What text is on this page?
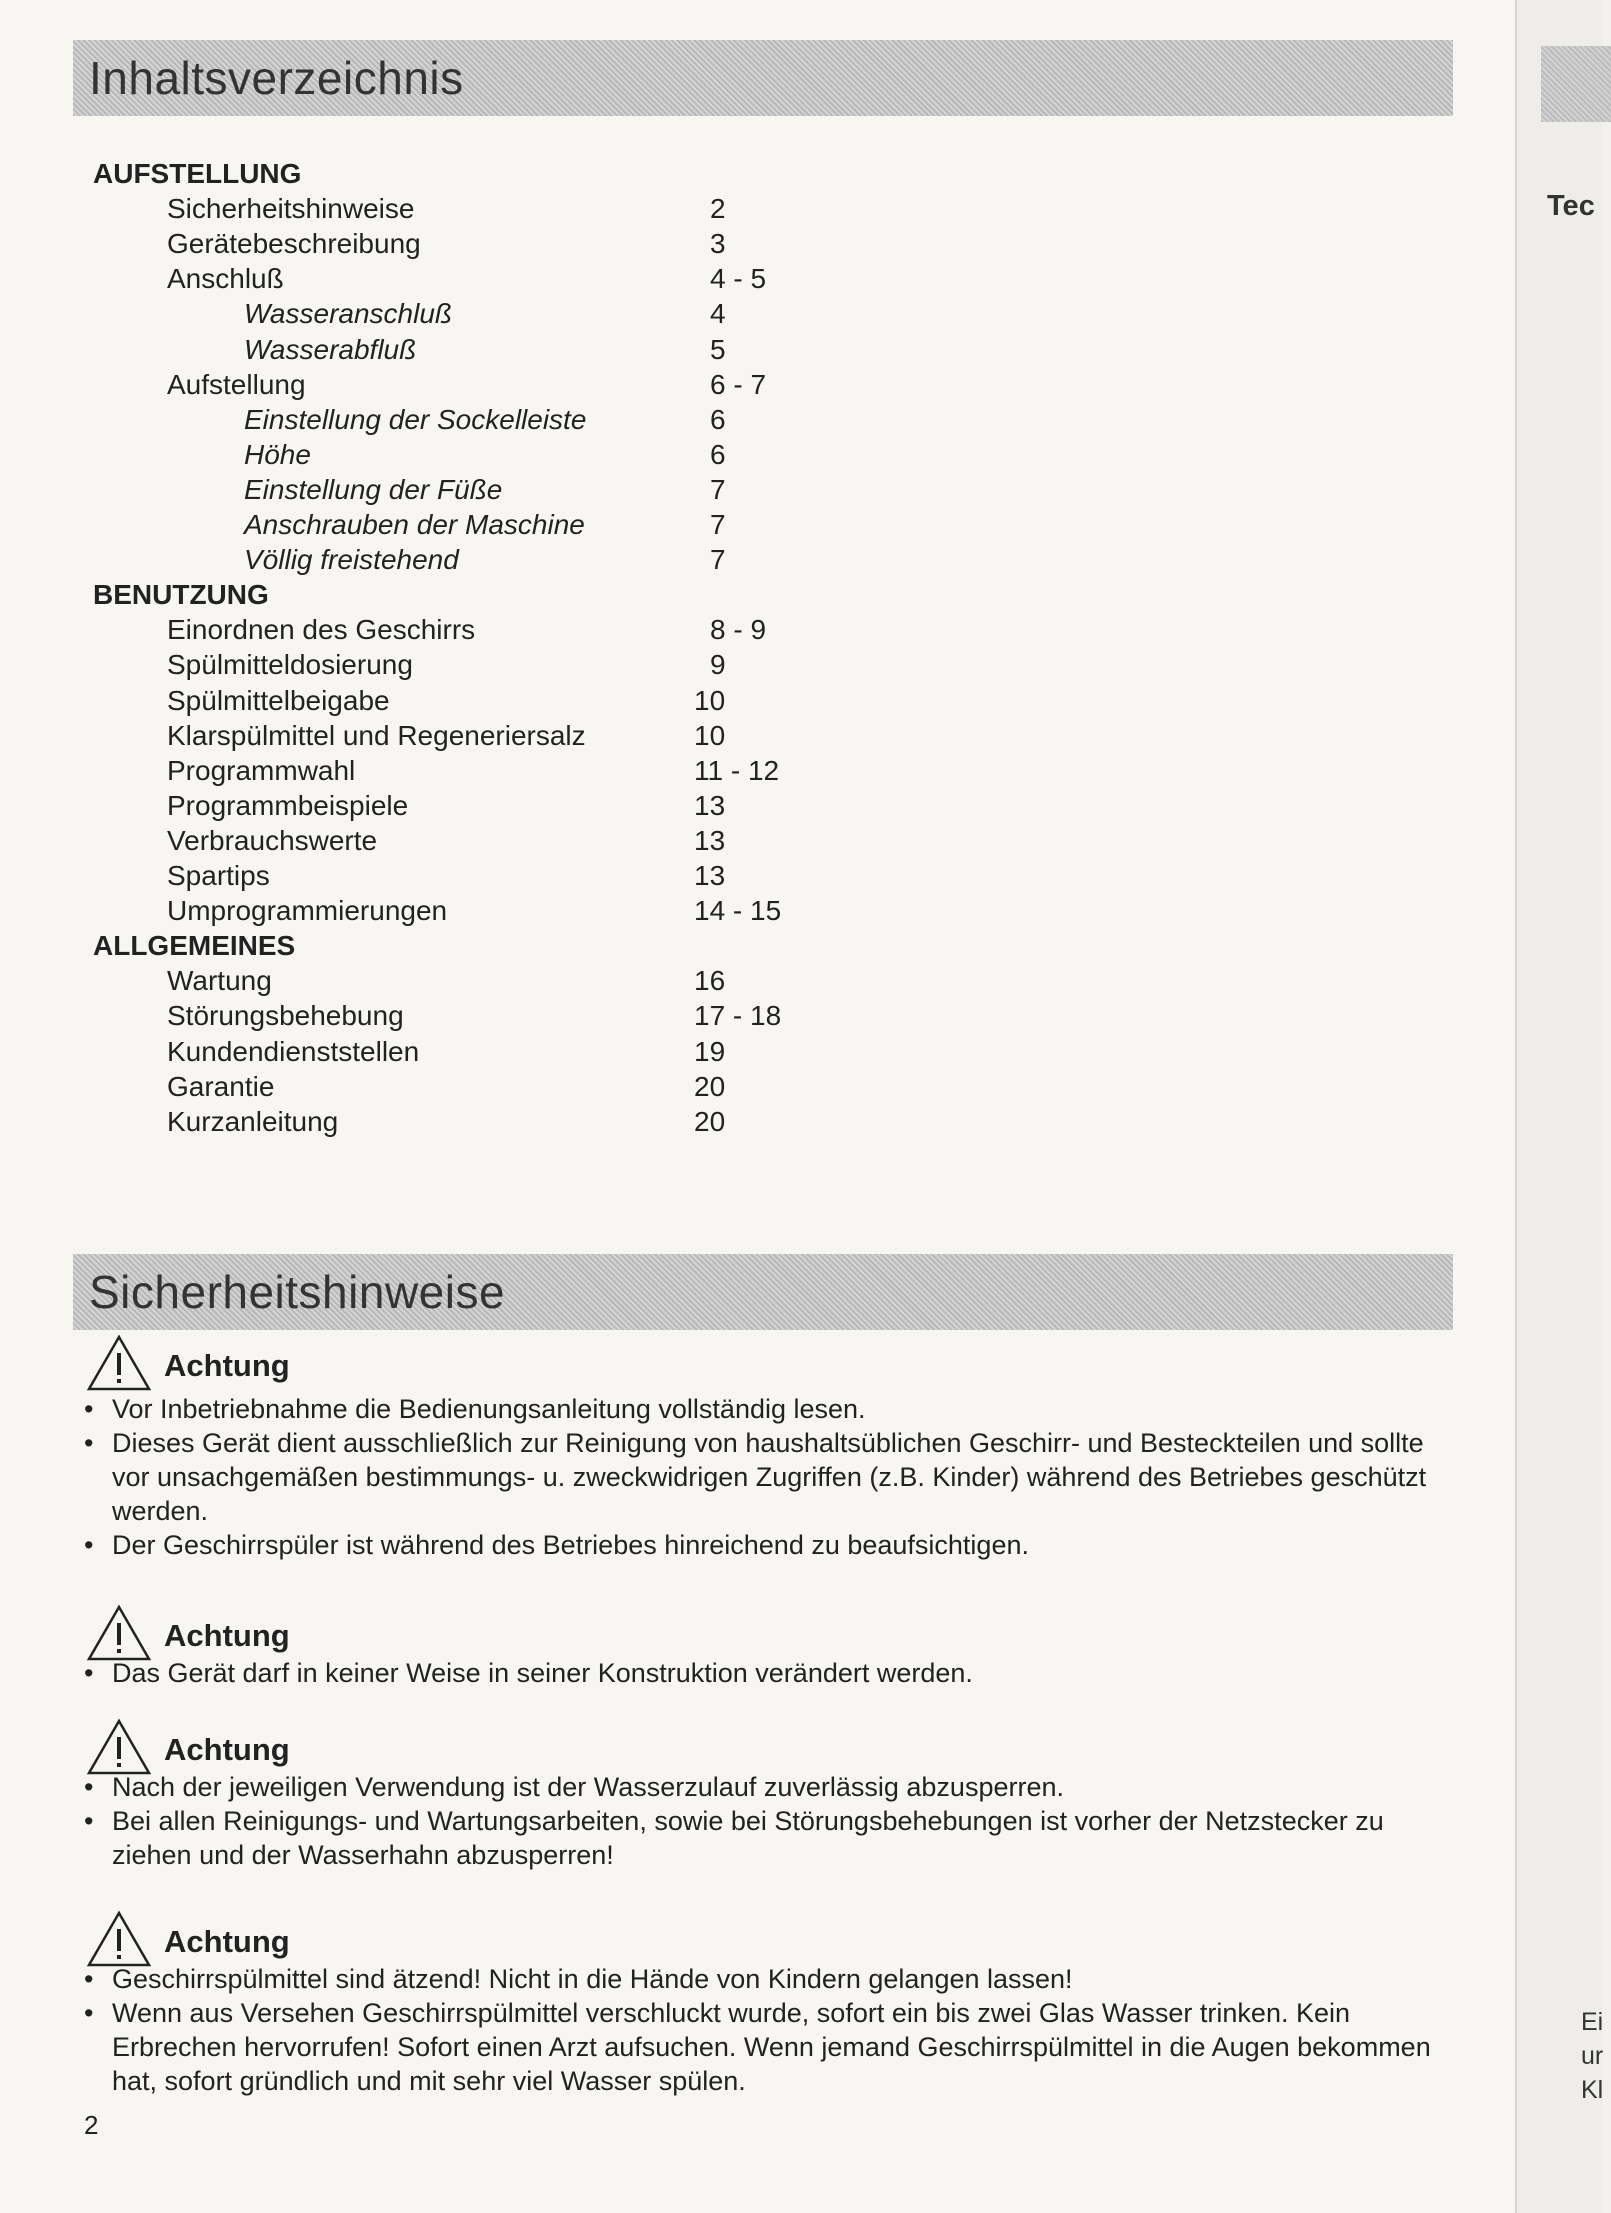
Inhaltsverzeichnis
AUFSTELLUNG
Sicherheitshinweise	2
Gerätebeschreibung	3
Anschluß	4 - 5
Wasseranschluß	4
Wasserabfluß	5
Aufstellung	6 - 7
Einstellung der Sockelleiste	6
Höhe	6
Einstellung der Füße	7
Anschrauben der Maschine	7
Völlig freistehend	7
BENUTZUNG
Einordnen des Geschirrs	8 - 9
Spülmitteldosierung	9
Spülmittelbeigabe	10
Klarspülmittel und Regeneriersalz	10
Programmwahl	11 - 12
Programmbeispiele	13
Verbrauchswerte	13
Spartips	13
Umprogrammierungen	14 - 15
ALLGEMEINES
Wartung	16
Störungsbehebung	17 - 18
Kundendienststellen	19
Garantie	20
Kurzanleitung	20
Sicherheitshinweise
Achtung
• Vor Inbetriebnahme die Bedienungsanleitung vollständig lesen.
• Dieses Gerät dient ausschließlich zur Reinigung von haushaltsüblichen Geschirr- und Besteckteilen und sollte vor unsachgemäßen bestimmungs- u. zweckwidrigen Zugriffen (z.B. Kinder) während des Betriebes geschützt werden.
• Der Geschirrspüler ist während des Betriebes hinreichend zu beaufsichtigen.
Achtung
• Das Gerät darf in keiner Weise in seiner Konstruktion verändert werden.
Achtung
• Nach der jeweiligen Verwendung ist der Wasserzulauf zuverlässig abzusperren.
• Bei allen Reinigungs- und Wartungsarbeiten, sowie bei Störungsbehebungen ist vorher der Netzstecker zu ziehen und der Wasserhahn abzusperren!
Achtung
• Geschirrspülmittel sind ätzend! Nicht in die Hände von Kindern gelangen lassen!
• Wenn aus Versehen Geschirrspülmittel verschluckt wurde, sofort ein bis zwei Glas Wasser trinken. Kein Erbrechen hervorrufen! Sofort einen Arzt aufsuchen. Wenn jemand Geschirrspülmittel in die Augen bekommen hat, sofort gründlich und mit sehr viel Wasser spülen.
2
Tec
Ei
ur
Kl
